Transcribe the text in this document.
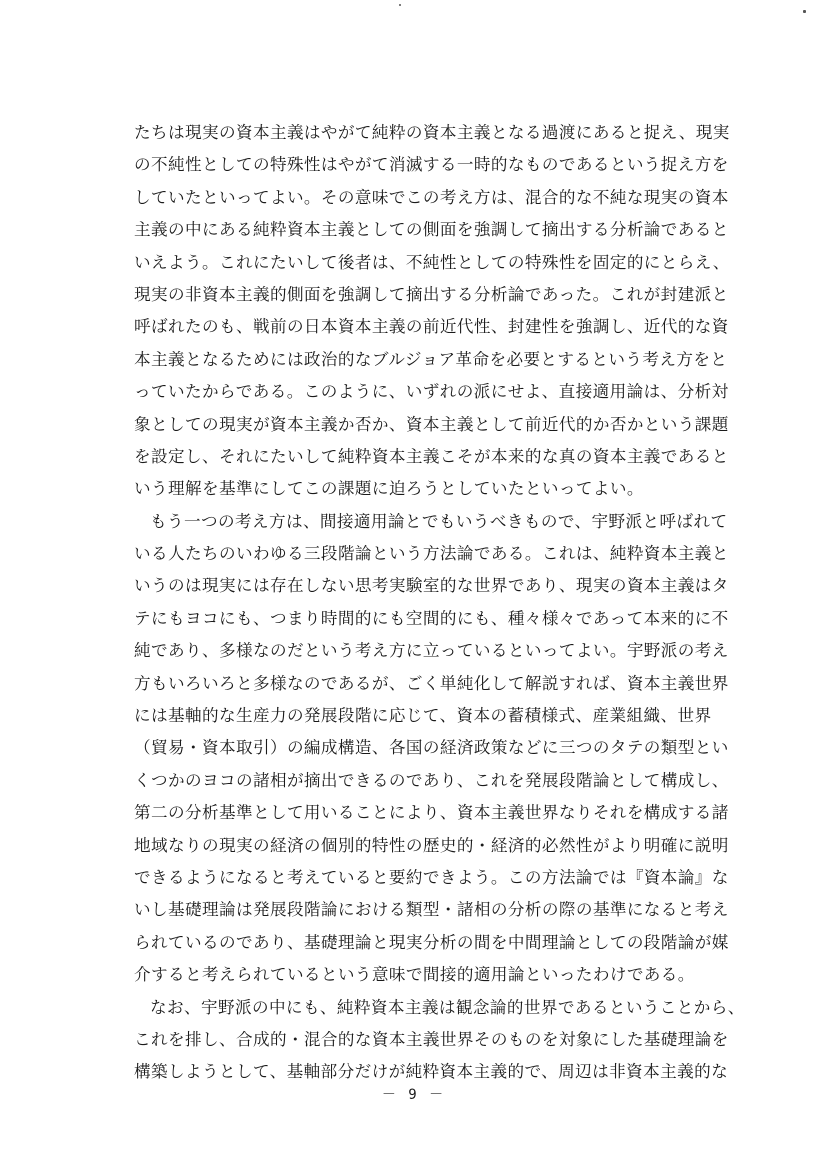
たちは現実の資本主義はやがて純粋の資本主義となる過渡にあると捉え、現実
の不純性としての特殊性はやがて消滅する一時的なものであるという捉え方を
していたといってよい。その意味でこの考え方は、混合的な不純な現実の資本
主義の中にある純粋資本主義としての側面を強調して摘出する分析論であると
いえよう。これにたいして後者は、不純性としての特殊性を固定的にとらえ、
現実の非資本主義的側面を強調して摘出する分析論であった。これが封建派と
呼ばれたのも、戦前の日本資本主義の前近代性、封建性を強調し、近代的な資
本主義となるためには政治的なブルジョア革命を必要とするという考え方をと
っていたからである。このように、いずれの派にせよ、直接適用論は、分析対
象としての現実が資本主義か否か、資本主義として前近代的か否かという課題
を設定し、それにたいして純粋資本主義こそが本来的な真の資本主義であると
いう理解を基準にしてこの課題に迫ろうとしていたといってよい。
もう一つの考え方は、間接適用論とでもいうべきもので、宇野派と呼ばれて
いる人たちのいわゆる三段階論という方法論である。これは、純粋資本主義と
いうのは現実には存在しない思考実験室的な世界であり、現実の資本主義はタ
テにもヨコにも、つまり時間的にも空間的にも、種々様々であって本来的に不
純であり、多様なのだという考え方に立っているといってよい。宇野派の考え
方もいろいろと多様なのであるが、ごく単純化して解説すれば、資本主義世界
には基軸的な生産力の発展段階に応じて、資本の蓄積様式、産業組織、世界
（貿易・資本取引）の編成構造、各国の経済政策などに三つのタテの類型とい
くつかのヨコの諸相が摘出できるのであり、これを発展段階論として構成し、
第二の分析基準として用いることにより、資本主義世界なりそれを構成する諸
地域なりの現実の経済の個別的特性の歴史的・経済的必然性がより明確に説明
できるようになると考えていると要約できよう。この方法論では『資本論』な
いし基礎理論は発展段階論における類型・諸相の分析の際の基準になると考え
られているのであり、基礎理論と現実分析の間を中間理論としての段階論が媒
介すると考えられているという意味で間接的適用論といったわけである。
なお、宇野派の中にも、純粋資本主義は観念論的世界であるということから、
これを排し、合成的・混合的な資本主義世界そのものを対象にした基礎理論を
構築しようとして、基軸部分だけが純粋資本主義的で、周辺は非資本主義的な
－ 9 －
